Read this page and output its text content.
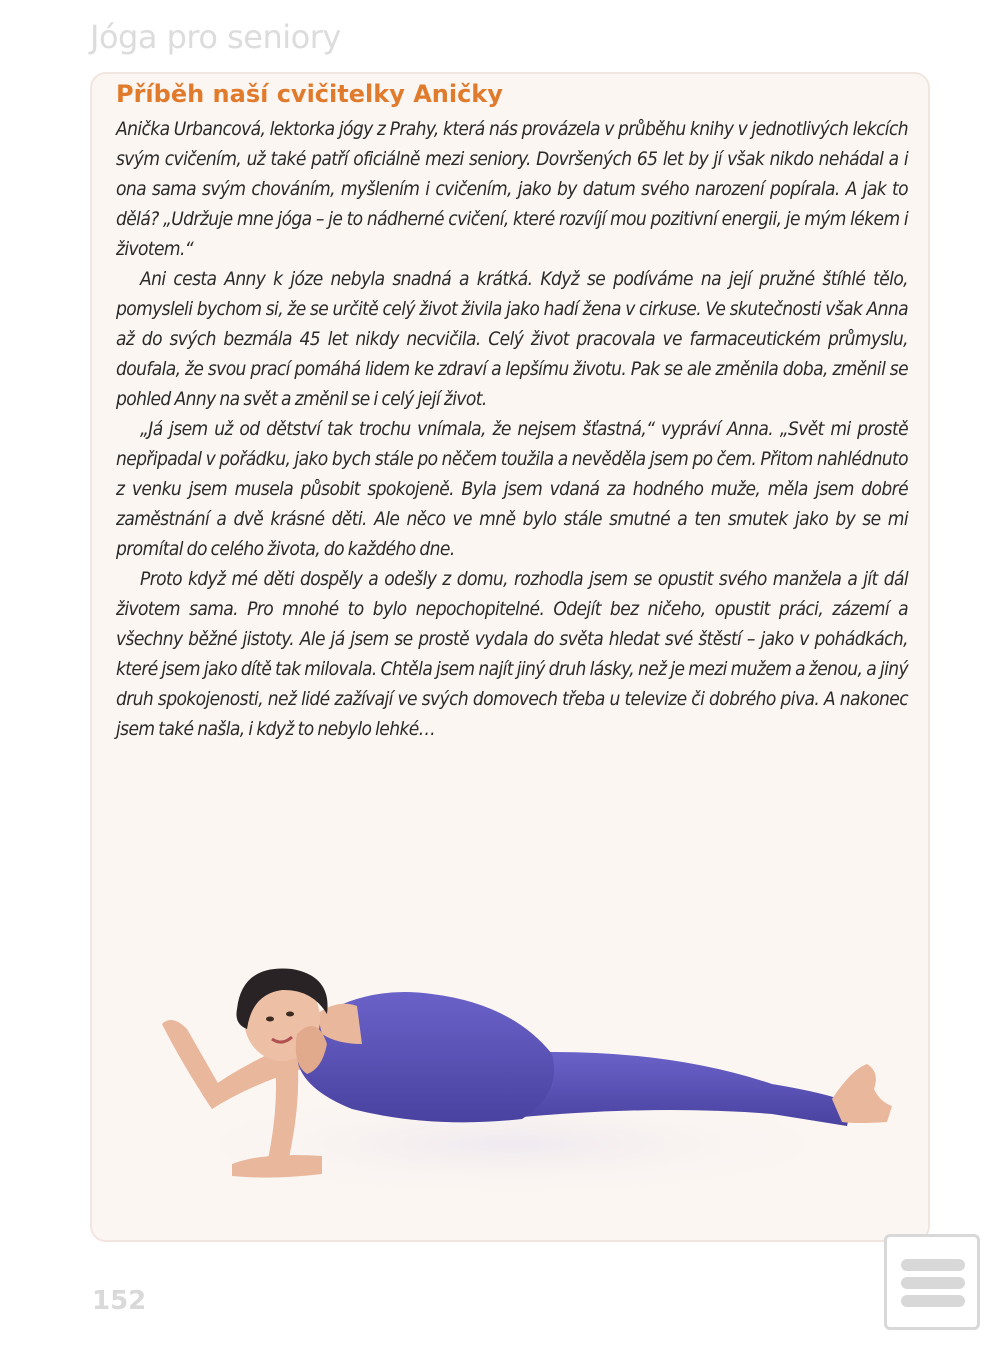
Jóga pro seniory
Příběh naší cvičitelky Aničky

Anička Urbancová, lektorka jógy z Prahy, která nás provázela v průběhu knihy v jednotlivých lekcích svým cvičením, už také patří oficiálně mezi seniory. Dovršených 65 let by jí však nikdo nehádal a i ona sama svým chováním, myšlením i cvičením, jako by datum svého narození popírala. A jak to dělá? „Udržuje mne jóga – je to nádherné cvičení, které rozvíjí mou pozitivní energii, je mým lékem i životem.“

Ani cesta Anny k józe nebyla snadná a krátká. Když se podíváme na její pružné štíhlé tělo, pomysleli bychom si, že se určitě celý život živila jako hadí žena v cirkuse. Ve skutečnosti však Anna až do svých bezmála 45 let nikdy necvičila. Celý život pracovala ve farmaceutickém průmyslu, doufala, že svou prací pomáhá lidem ke zdraví a lepšímu životu. Pak se ale změnila doba, změnil se pohled Anny na svět a změnil se i celý její život.

„Já jsem už od dětství tak trochu vnímala, že nejsem šťastná,“ vypráví Anna. „Svět mi prostě nepřipadal v pořádku, jako bych stále po něčem toužila a nevěděla jsem po čem. Přitom nahlédnuto z venku jsem musela působit spokojeně. Byla jsem vdaná za hodného muže, měla jsem dobré zaměstnání a dvě krásné děti. Ale něco ve mně bylo stále smutné a ten smutek jako by se mi promítal do celého života, do každého dne.

Proto když mé děti dospěly a odešly z domu, rozhodla jsem se opustit svého manžela a jít dál životem sama. Pro mnohé to bylo nepochopitelné. Odejít bez ničeho, opustit práci, zázemí a všechny běžné jistoty. Ale já jsem se prostě vydala do světa hledat své štěstí – jako v pohádkách, které jsem jako dítě tak milovala. Chtěla jsem najít jiný druh lásky, než je mezi mužem a ženou, a jiný druh spokojenosti, než lidé zažívají ve svých domovech třeba u televize či dobrého piva. A nakonec jsem také našla, i když to nebylo lehké…

152
